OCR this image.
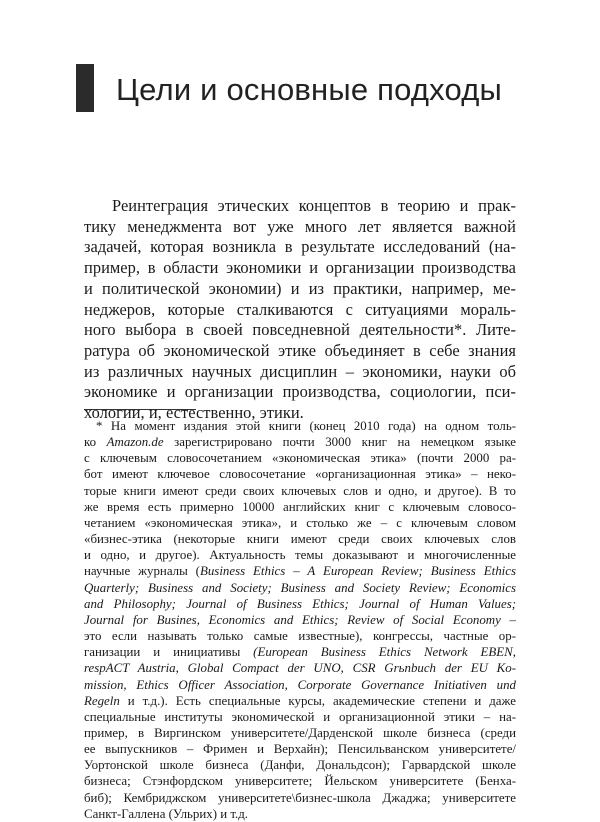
Цели и основные подходы
Реинтеграция этических концептов в теорию и прак-
тику менеджмента вот уже много лет является важной
задачей, которая возникла в результате исследований (на-
пример, в области экономики и организации производства
и политической экономии) и из практики, например, ме-
неджеров, которые сталкиваются с ситуациями мораль-
ного выбора в своей повседневной деятельности*. Лите-
ратура об экономической этике объединяет в себе знания
из различных научных дисциплин – экономики, науки об
экономике и организации производства, социологии, пси-
хологии, и, естественно, этики.
* На момент издания этой книги (конец 2010 года) на одном толь-
ко Amazon.de зарегистрировано почти 3000 книг на немецком языке
с ключевым словосочетанием «экономическая этика» (почти 2000 ра-
бот имеют ключевое словосочетание «организационная этика» – неко-
торые книги имеют среди своих ключевых слов и одно, и другое). В то
же время есть примерно 10000 английских книг с ключевым словосо-
четанием «экономическая этика», и столько же – с ключевым словом
«бизнес-этика (некоторые книги имеют среди своих ключевых слов
и одно, и другое). Актуальность темы доказывают и многочисленные
научные журналы (Business Ethics – A European Review; Business Ethics
Quarterly; Business and Society; Business and Society Review; Economics
and Philosophy; Journal of Business Ethics; Journal of Human Values;
Journal for Busines, Economics and Ethics; Review of Social Economy –
это если называть только самые известные), конгрессы, частные ор-
ганизации и инициативы (European Business Ethics Network EBEN,
respACT Austria, Global Compact der UNO, CSR Grьnbuch der EU Ko-
mission, Ethics Officer Association, Corporate Governance Initiativen und
Regeln и т.д.). Есть специальные курсы, академические степени и даже
специальные институты экономической и организационной этики – на-
пример, в Виргинском университете/Дарденской школе бизнеса (среди
ее выпускников – Фримен и Верхайн); Пенсильванском университете/
Уортонской школе бизнеса (Данфи, Дональдсон); Гарвардской школе
бизнеса; Стэнфордском университете; Йельском университете (Бенха-
биб); Кембриджском университете\бизнес-школа Джаджа; университете
Санкт-Галлена (Ульрих) и т.д.
